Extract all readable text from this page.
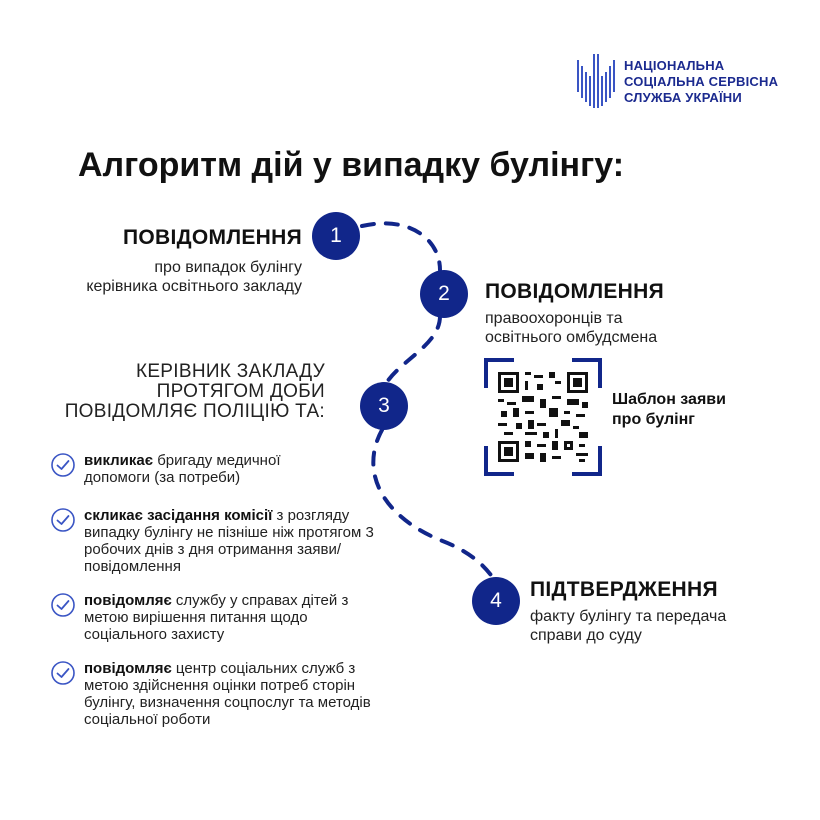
НАЦІОНАЛЬНА
СОЦІАЛЬНА СЕРВІСНА
СЛУЖБА УКРАЇНИ
Алгоритм дій у випадку булінгу:
1
ПОВІДОМЛЕННЯ
про випадок булінгу
керівника освітнього закладу	2	ПОВІДОМЛЕННЯ
правоохоронців та
освітнього омбудсмена
Шаблон заяви
про булінг
3
КЕРІВНИК ЗАКЛАДУ
ПРОТЯГОМ ДОБИ
ПОВІДОМЛЯЄ ПОЛІЦІЮ ТА:
викликає бригаду медичної допомоги (за потреби)
скликає засідання комісії з розгляду випадку булінгу не пізніше ніж протягом 3 робочих днів з дня отримання заяви/повідомлення
повідомляє службу у справах дітей з метою вирішення питання щодо соціального захисту
повідомляє центр соціальних служб з метою здійснення оцінки потреб сторін булінгу, визначення соцпослуг та методів соціальної роботи
4	ПІДТВЕРДЖЕННЯ
факту булінгу та передача
справи до суду
